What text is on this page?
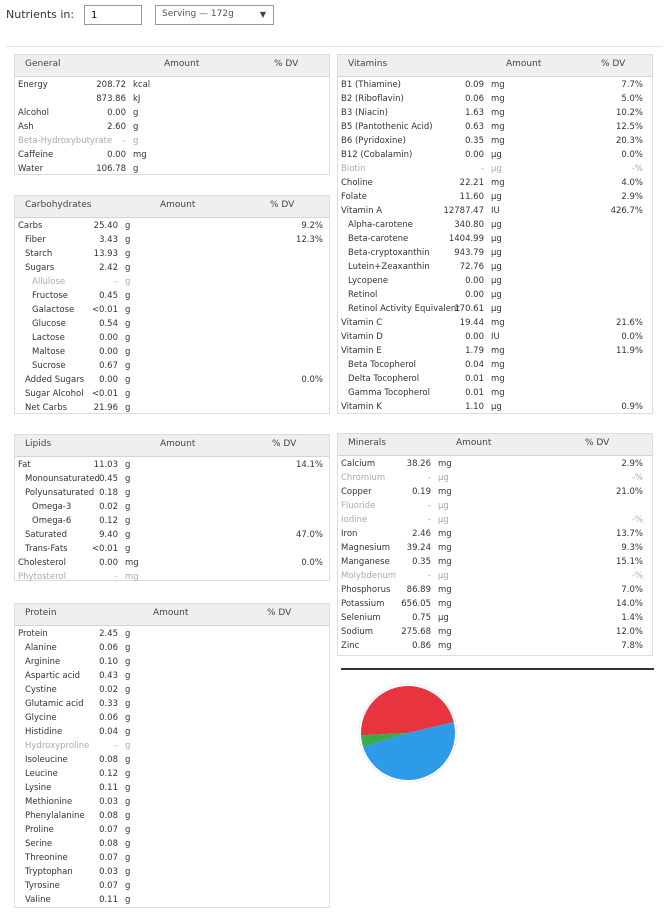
Nutrients in:
1	Serving — 172g	▼
General	Amount	% DV
Energy	208.72 kcal
873.86 kJ
Alcohol	0.00 g
Ash	2.60 g
Beta-Hydroxybutyrate - g
Caffeine	0.00 mg
Water	106.78 g
Carbohydrates	Amount	% DV
Carbs	25.40 g	9.2%
Fiber	3.43 g	12.3%
Starch	13.93 g
Sugars	2.42 g
Allulose	- g
Fructose	0.45 g
Galactose <0.01 g
Glucose	0.54 g
Lactose	0.00 g
Maltose	0.00 g
Sucrose	0.67 g
Added Sugars 0.00 g	0.0%
Sugar Alcohol <0.01 g
Net Carbs	21.96 g
Lipids	Amount	% DV
Fat	11.03 g	14.1%
Monounsaturated 0.45 g
Polyunsaturated 0.18 g
Omega-3	0.02 g
Omega-6	0.12 g
Saturated	9.40 g	47.0%
Trans-Fats	<0.01 g
Cholesterol	0.00 mg	0.0%
Phytosterol	- mg
Protein	Amount	% DV
Protein	2.45 g
Alanine	0.06 g
Arginine	0.10 g
Aspartic acid 0.43 g
Cystine	0.02 g
Glutamic acid 0.33 g
Glycine	0.06 g
Histidine	0.04 g
Hydroxyproline	- g
Isoleucine	0.08 g
Leucine	0.12 g
Lysine	0.11 g
Methionine	0.03 g
Phenylalanine 0.08 g
Proline	0.07 g
Serine	0.08 g
Threonine	0.07 g
Tryptophan	0.03 g
Tyrosine	0.07 g
Valine	0.11 g
Vitamins	Amount	% DV
B1 (Thiamine)	0.09 mg	7.7%
B2 (Riboflavin)	0.06 mg	5.0%
B3 (Niacin)	1.63 mg	10.2%
B5 (Pantothenic Acid)	0.63 mg	12.5%
B6 (Pyridoxine)	0.35 mg	20.3%
B12 (Cobalamin)	0.00 µg	0.0%
Biotin	- µg	-%
Choline	22.21 mg	4.0%
Folate	11.60 µg	2.9%
Vitamin A	12787.47 IU	426.7%
Alpha-carotene	340.80 µg
Beta-carotene	1404.99 µg
Beta-cryptoxanthin	943.79 µg
Lutein+Zeaxanthin	72.76 µg
Lycopene	0.00 µg
Retinol	0.00 µg
Retinol Activity Equivalent
170.61 µg
Vitamin C	19.44 mg	21.6%
Vitamin D	0.00 IU	0.0%
Vitamin E	1.79 mg	11.9%
Beta Tocopherol	0.04 mg
Delta Tocopherol	0.01 mg
Gamma Tocopherol	0.01 mg
Vitamin K	1.10 µg	0.9%
Minerals	Amount	% DV
Calcium	38.26 mg	2.9%
Chromium	- µg	-%
Copper	0.19 mg	21.0%
Fluoride	- µg
Iodine	- µg	-%
Iron	2.46 mg	13.7%
Magnesium 39.24 mg	9.3%
Manganese	0.35 mg	15.1%
Molybdenum	- µg	-%
Phosphorus 86.89 mg	7.0%
Potassium 656.05 mg	14.0%
Selenium	0.75 µg	1.4%
Sodium	275.68 mg	12.0%
Zinc	0.86 mg	7.8%
